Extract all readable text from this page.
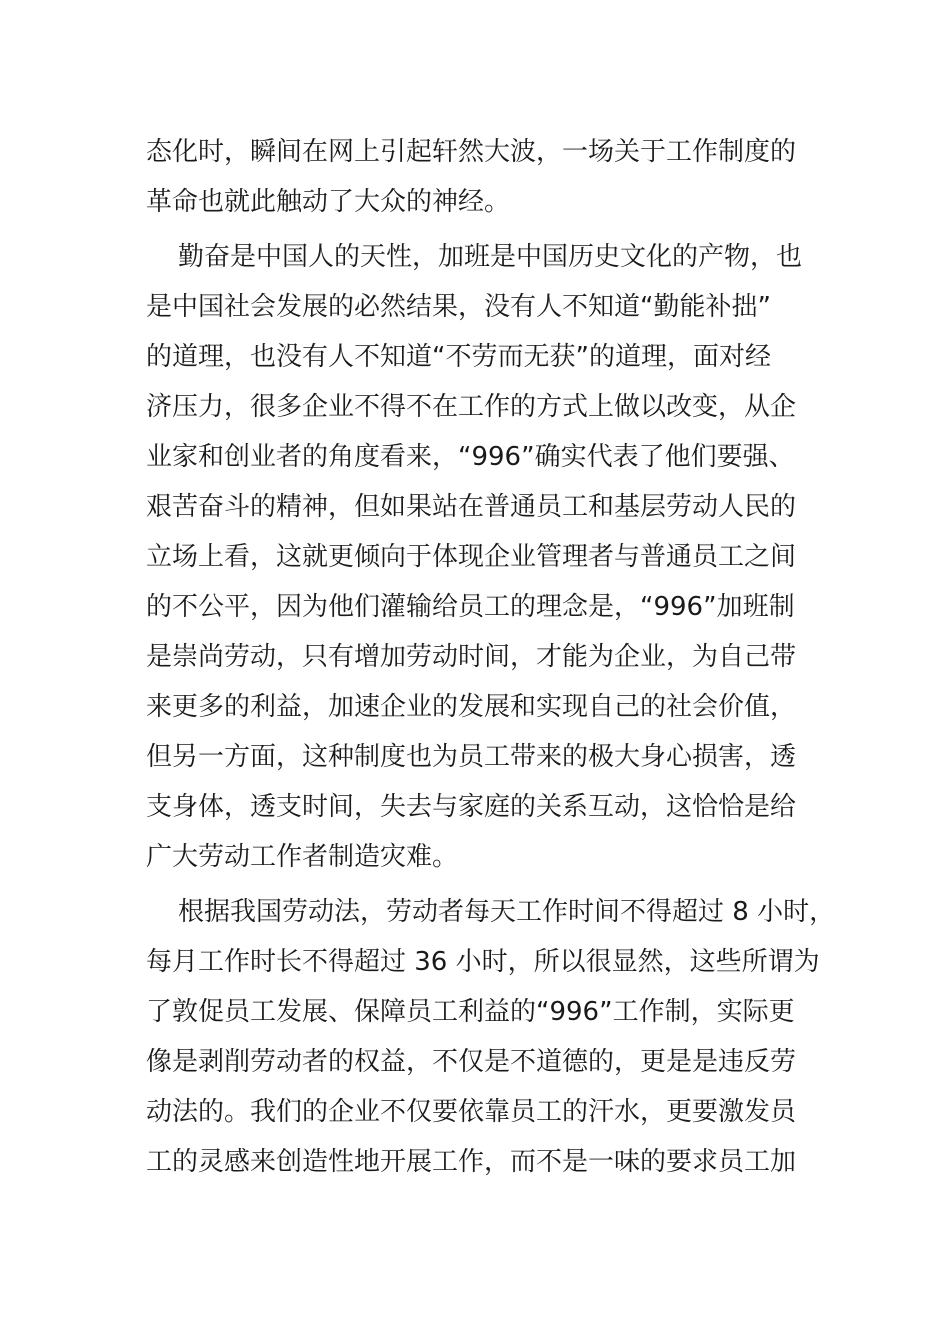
态化时，瞬间在网上引起轩然大波，一场关于工作制度的
革命也就此触动了大众的神经。
勤奋是中国人的天性，加班是中国历史文化的产物，也
是中国社会发展的必然结果，没有人不知道“勤能补拙”
的道理，也没有人不知道“不劳而无获”的道理，面对经
济压力，很多企业不得不在工作的方式上做以改变，从企
业家和创业者的角度看来，“996”确实代表了他们要强、
艰苦奋斗的精神，但如果站在普通员工和基层劳动人民的
立场上看，这就更倾向于体现企业管理者与普通员工之间
的不公平，因为他们灌输给员工的理念是，“996”加班制
是崇尚劳动，只有增加劳动时间，才能为企业，为自己带
来更多的利益，加速企业的发展和实现自己的社会价值，
但另一方面，这种制度也为员工带来的极大身心损害，透
支身体，透支时间，失去与家庭的关系互动，这恰恰是给
广大劳动工作者制造灾难。
根据我国劳动法，劳动者每天工作时间不得超过 8 小时，
每月工作时长不得超过 36 小时，所以很显然，这些所谓为
了敦促员工发展、保障员工利益的“996”工作制，实际更
像是剥削劳动者的权益，不仅是不道德的，更是是违反劳
动法的。我们的企业不仅要依靠员工的汗水，更要激发员
工的灵感来创造性地开展工作，而不是一味的要求员工加
